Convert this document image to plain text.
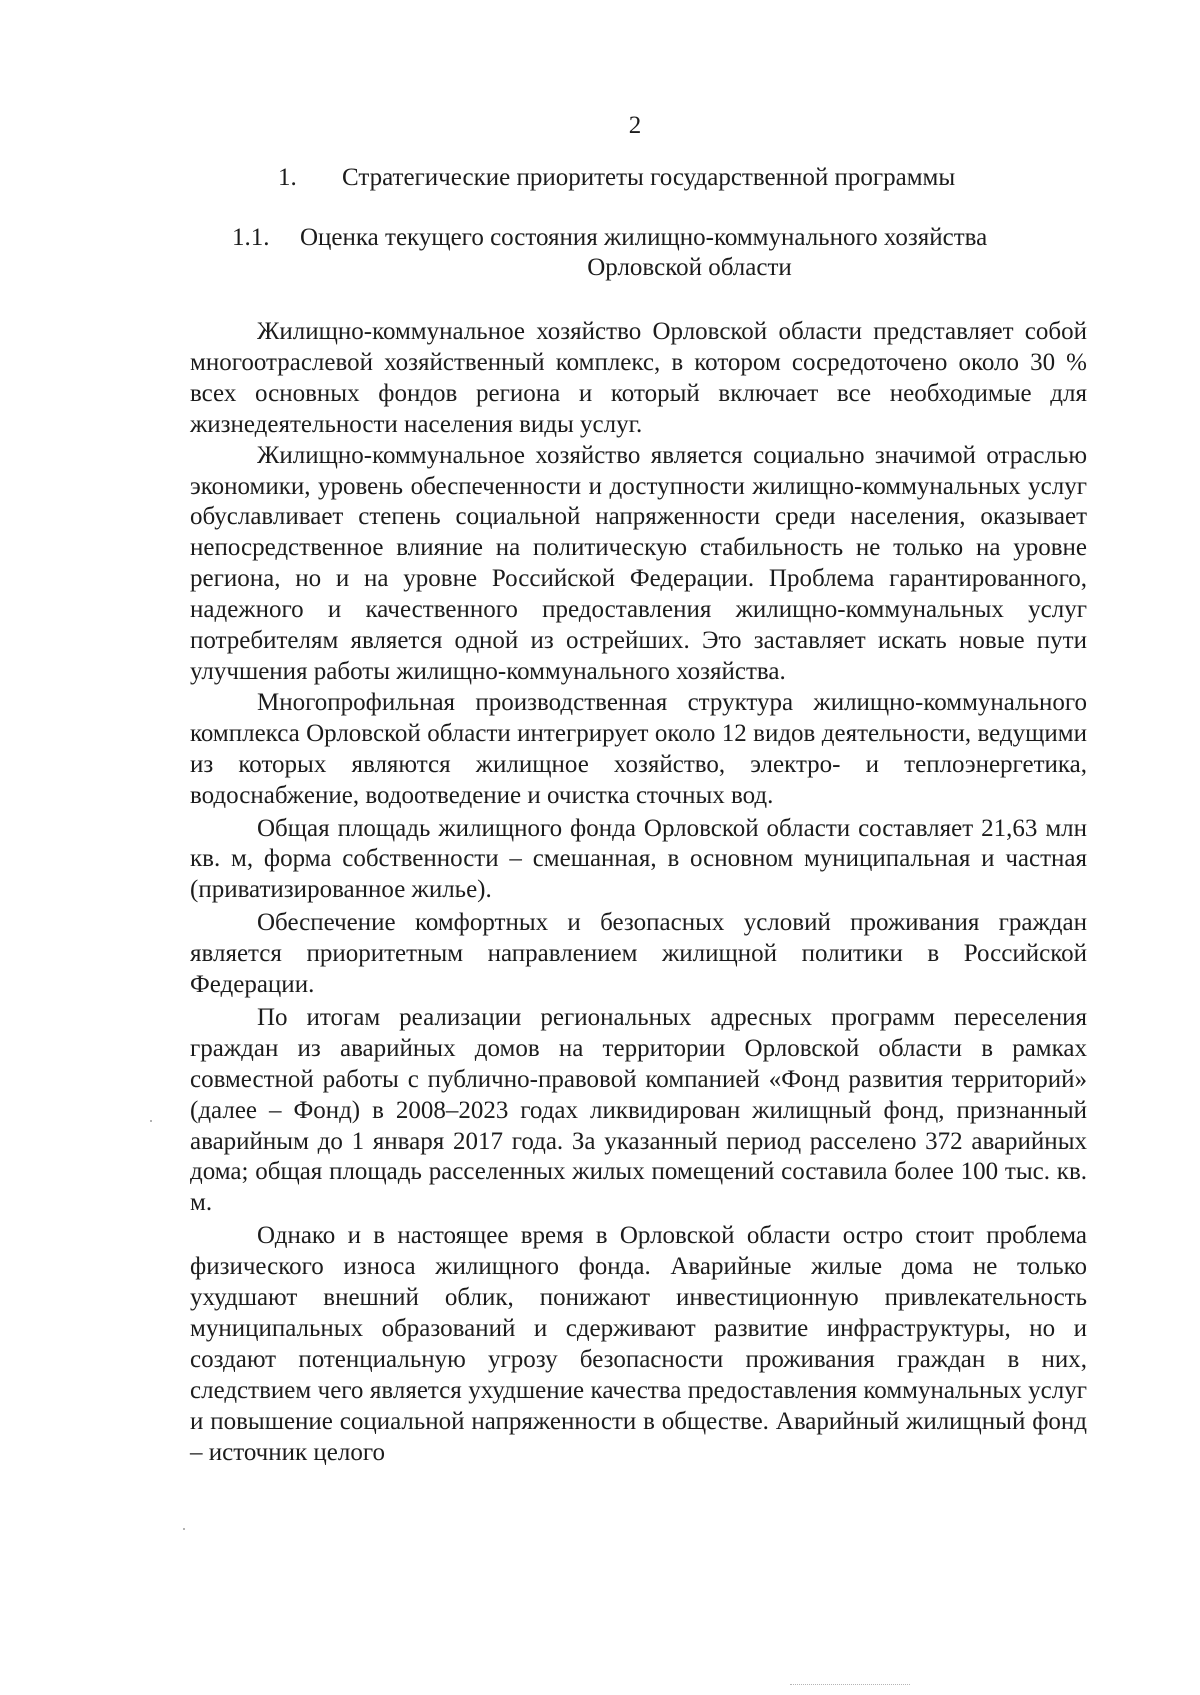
2
1. Стратегические приоритеты государственной программы
1.1. Оценка текущего состояния жилищно-коммунального хозяйства
Орловской области

Жилищно-коммунальное хозяйство Орловской области представляет собой многоотраслевой хозяйственный комплекс, в котором сосредоточено около 30 % всех основных фондов региона и который включает все необходимые для жизнедеятельности населения виды услуг.

Жилищно-коммунальное хозяйство является социально значимой отраслью экономики, уровень обеспеченности и доступности жилищно-коммунальных услуг обуславливает степень социальной напряженности среди населения, оказывает непосредственное влияние на политическую стабильность не только на уровне региона, но и на уровне Российской Федерации. Проблема гарантированного, надежного и качественного предоставления жилищно-коммунальных услуг потребителям является одной из острейших. Это заставляет искать новые пути улучшения работы жилищно-коммунального хозяйства.

Многопрофильная производственная структура жилищно-коммунального комплекса Орловской области интегрирует около 12 видов деятельности, ведущими из которых являются жилищное хозяйство, электро- и теплоэнергетика, водоснабжение, водоотведение и очистка сточных вод.

Общая площадь жилищного фонда Орловской области составляет 21,63 млн кв. м, форма собственности – смешанная, в основном муниципальная и частная (приватизированное жилье).

Обеспечение комфортных и безопасных условий проживания граждан является приоритетным направлением жилищной политики в Российской Федерации.

По итогам реализации региональных адресных программ переселения граждан из аварийных домов на территории Орловской области в рамках совместной работы с публично-правовой компанией «Фонд развития территорий» (далее – Фонд) в 2008–2023 годах ликвидирован жилищный фонд, признанный аварийным до 1 января 2017 года. За указанный период расселено 372 аварийных дома; общая площадь расселенных жилых помещений составила более 100 тыс. кв. м.

Однако и в настоящее время в Орловской области остро стоит проблема физического износа жилищного фонда. Аварийные жилые дома не только ухудшают внешний облик, понижают инвестиционную привлекательность муниципальных образований и сдерживают развитие инфраструктуры, но и создают потенциальную угрозу безопасности проживания граждан в них, следствием чего является ухудшение качества предоставления коммунальных услуг и повышение социальной напряженности в обществе. Аварийный жилищный фонд – источник целого
